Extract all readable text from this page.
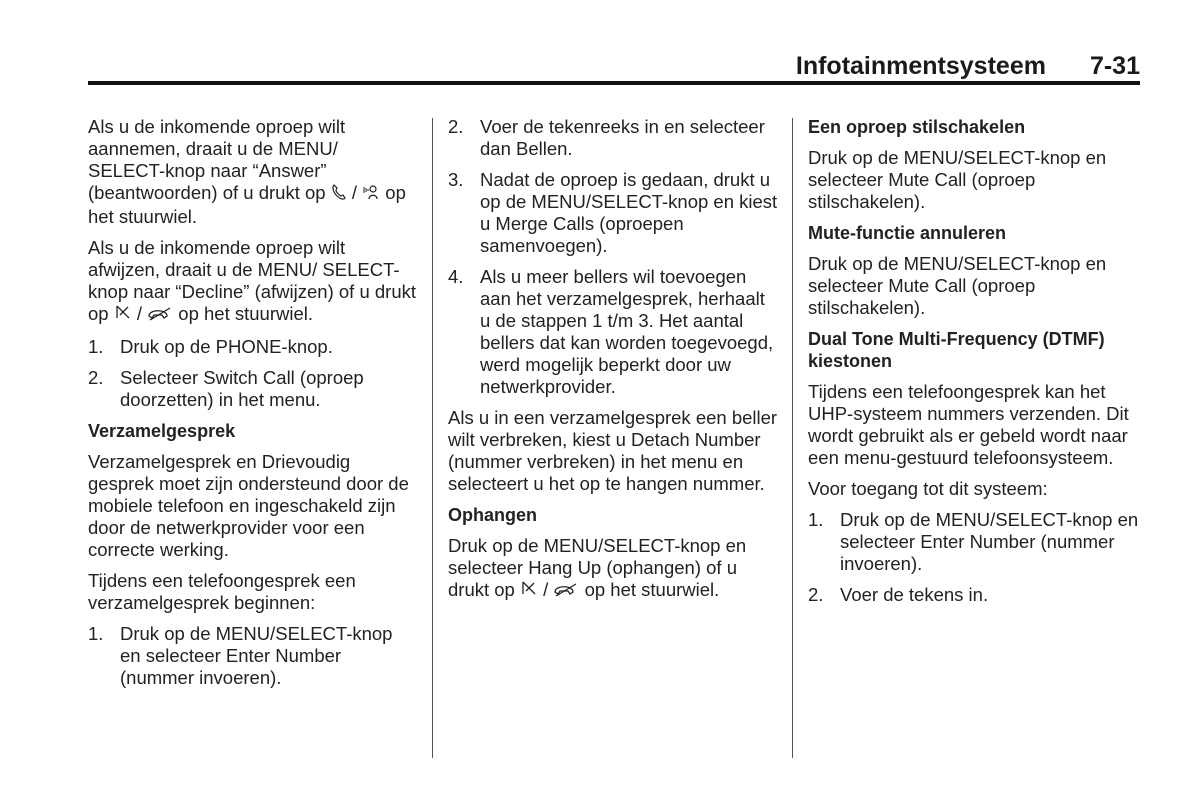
Infotainmentsysteem 7-31

Als u de inkomende oproep wilt aannemen, draait u de MENU/ SELECT-knop naar “Answer” (beantwoorden) of u drukt op / op het stuurwiel.

Als u de inkomende oproep wilt afwijzen, draait u de MENU/ SELECT-knop naar “Decline” (afwijzen) of u drukt op / op het stuurwiel.

1. Druk op de PHONE-knop.
2. Selecteer Switch Call (oproep doorzetten) in het menu.
Verzamelgesprek

Verzamelgesprek en Drievoudig gesprek moet zijn ondersteund door de mobiele telefoon en ingeschakeld zijn door de netwerkprovider voor een correcte werking.

Tijdens een telefoongesprek een verzamelgesprek beginnen:

1. Druk op de MENU/SELECT-knop en selecteer Enter Number (nummer invoeren).
2. Voer de tekenreeks in en selecteer dan Bellen.
3. Nadat de oproep is gedaan, drukt u op de MENU/SELECT-knop en kiest u Merge Calls (oproepen samenvoegen).
4. Als u meer bellers wil toevoegen aan het verzamelgesprek, herhaalt u de stappen 1 t/m 3. Het aantal bellers dat kan worden toegevoegd, werd mogelijk beperkt door uw netwerkprovider.

Als u in een verzamelgesprek een beller wilt verbreken, kiest u Detach Number (nummer verbreken) in het menu en selecteert u het op te hangen nummer.

Ophangen

Druk op de MENU/SELECT-knop en selecteer Hang Up (ophangen) of u drukt op / op het stuurwiel.

Een oproep stilschakelen

Druk op de MENU/SELECT-knop en selecteer Mute Call (oproep stilschakelen).

Mute-functie annuleren

Druk op de MENU/SELECT-knop en selecteer Mute Call (oproep stilschakelen).

Dual Tone Multi-Frequency (DTMF) kiestonen

Tijdens een telefoongesprek kan het UHP-systeem nummers verzenden. Dit wordt gebruikt als er gebeld wordt naar een menu-gestuurd telefoonsysteem.

Voor toegang tot dit systeem:

1. Druk op de MENU/SELECT-knop en selecteer Enter Number (nummer invoeren).
2. Voer de tekens in.
